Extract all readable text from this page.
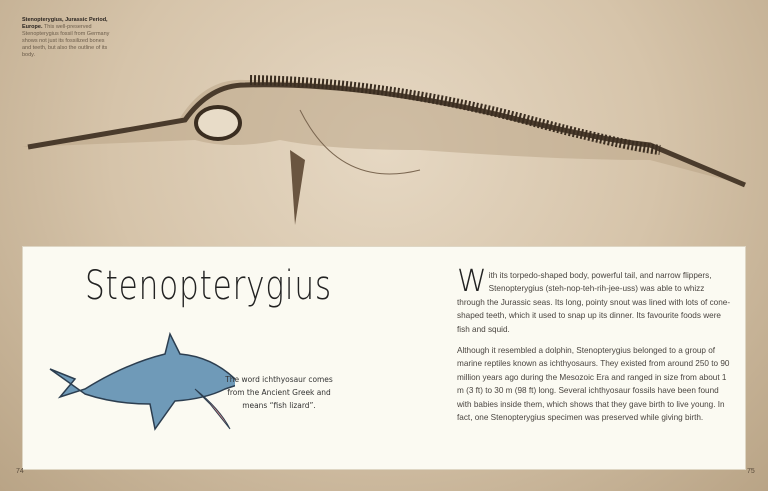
Stenopterygius, Jurassic Period, Europe. This well-preserved Stenopterygius fossil from Germany shows not just its fossilized bones and teeth, but also the outline of its body.
Stenopterygius
The word ichthyosaur comes from the Ancient Greek and means “fish lizard”.

With its torpedo-shaped body, powerful tail, and narrow flippers, Stenopterygius (steh-nop-teh-rih-jee-uss) was able to whizz through the Jurassic seas. Its long, pointy snout was lined with lots of cone-shaped teeth, which it used to snap up its dinner. Its favourite foods were fish and squid.

Although it resembled a dolphin, Stenopterygius belonged to a group of marine reptiles known as ichthyosaurs. They existed from around 250 to 90 million years ago during the Mesozoic Era and ranged in size from about 1 m (3 ft) to 30 m (98 ft) long. Several ichthyosaur fossils have been found with babies inside them, which shows that they gave birth to live young. In fact, one Stenopterygius specimen was preserved while giving birth.

74	75
